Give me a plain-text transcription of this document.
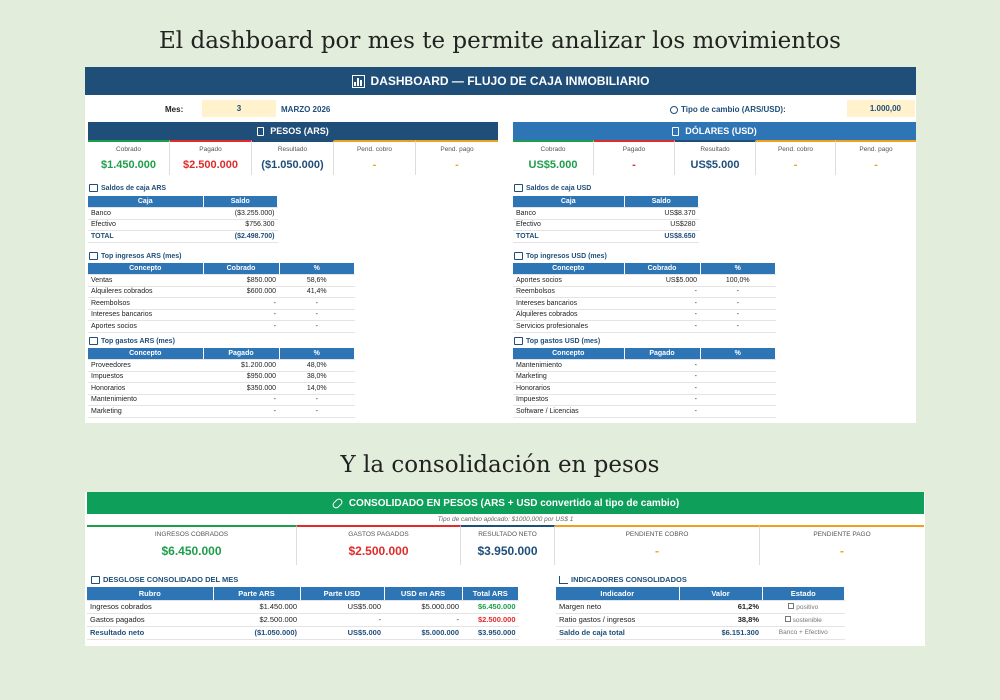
El dashboard por mes te permite analizar los movimientos
DASHBOARD — FLUJO DE CAJA INMOBILIARIO
Mes:	3	MARZO 2026	Tipo de cambio (ARS/USD):	1.000,00
PESOS (ARS)
Cobrado
$1.450.000
Pagado
$2.500.000
Resultado
($1.050.000)
Pend. cobro
-
Pend. pago
-
DÓLARES (USD)
Cobrado
US$5.000
Pagado
-
Resultado
US$5.000
Pend. cobro
-
Pend. pago
-
Saldos de caja ARS
Caja	Saldo
Banco	($3.255.000)
Efectivo	$756.300
TOTAL	($2.498.700)
Top ingresos ARS (mes)
Concepto	Cobrado	%
Ventas	$850.000	58,6%
Alquileres cobrados	$600.000	41,4%
Reembolsos	-	-
Intereses bancarios	-	-
Aportes socios	-	-
Top gastos ARS (mes)
Concepto	Pagado	%
Proveedores	$1.200.000	48,0%
Impuestos	$950.000	38,0%
Honorarios	$350.000	14,0%
Mantenimiento	-	-
Marketing	-	-
Saldos de caja USD
Caja	Saldo
Banco	US$8.370
Efectivo	US$280
TOTAL	US$8.650
Top ingresos USD (mes)
Concepto	Cobrado	%
Aportes socios	US$5.000	100,0%
Reembolsos	-	-
Intereses bancarios	-	-
Alquileres cobrados	-	-
Servicios profesionales	-	-
Top gastos USD (mes)
Concepto	Pagado	%
Mantenimiento	-	
Marketing	-	
Honorarios	-	
Impuestos	-	
Software / Licencias	-	
Y la consolidación en pesos
CONSOLIDADO EN PESOS (ARS + USD convertido al tipo de cambio)
Tipo de cambio aplicado: $1000,000 por US$ 1
INGRESOS COBRADOS
$6.450.000
GASTOS PAGADOS
$2.500.000
RESULTADO NETO
$3.950.000
PENDIENTE COBRO
-
PENDIENTE PAGO
-
DESGLOSE CONSOLIDADO DEL MES
Rubro	Parte ARS	Parte USD	USD en ARS	Total ARS
Ingresos cobrados	$1.450.000	US$5.000	$5.000.000	$6.450.000
Gastos pagados	$2.500.000	-	-	$2.500.000
Resultado neto	($1.050.000)	US$5.000	$5.000.000	$3.950.000
INDICADORES CONSOLIDADOS
Indicador	Valor	Estado
Margen neto	61,2%	positivo
Ratio gastos / ingresos	38,8%	sostenible
Saldo de caja total	$6.151.300	Banco + Efectivo
